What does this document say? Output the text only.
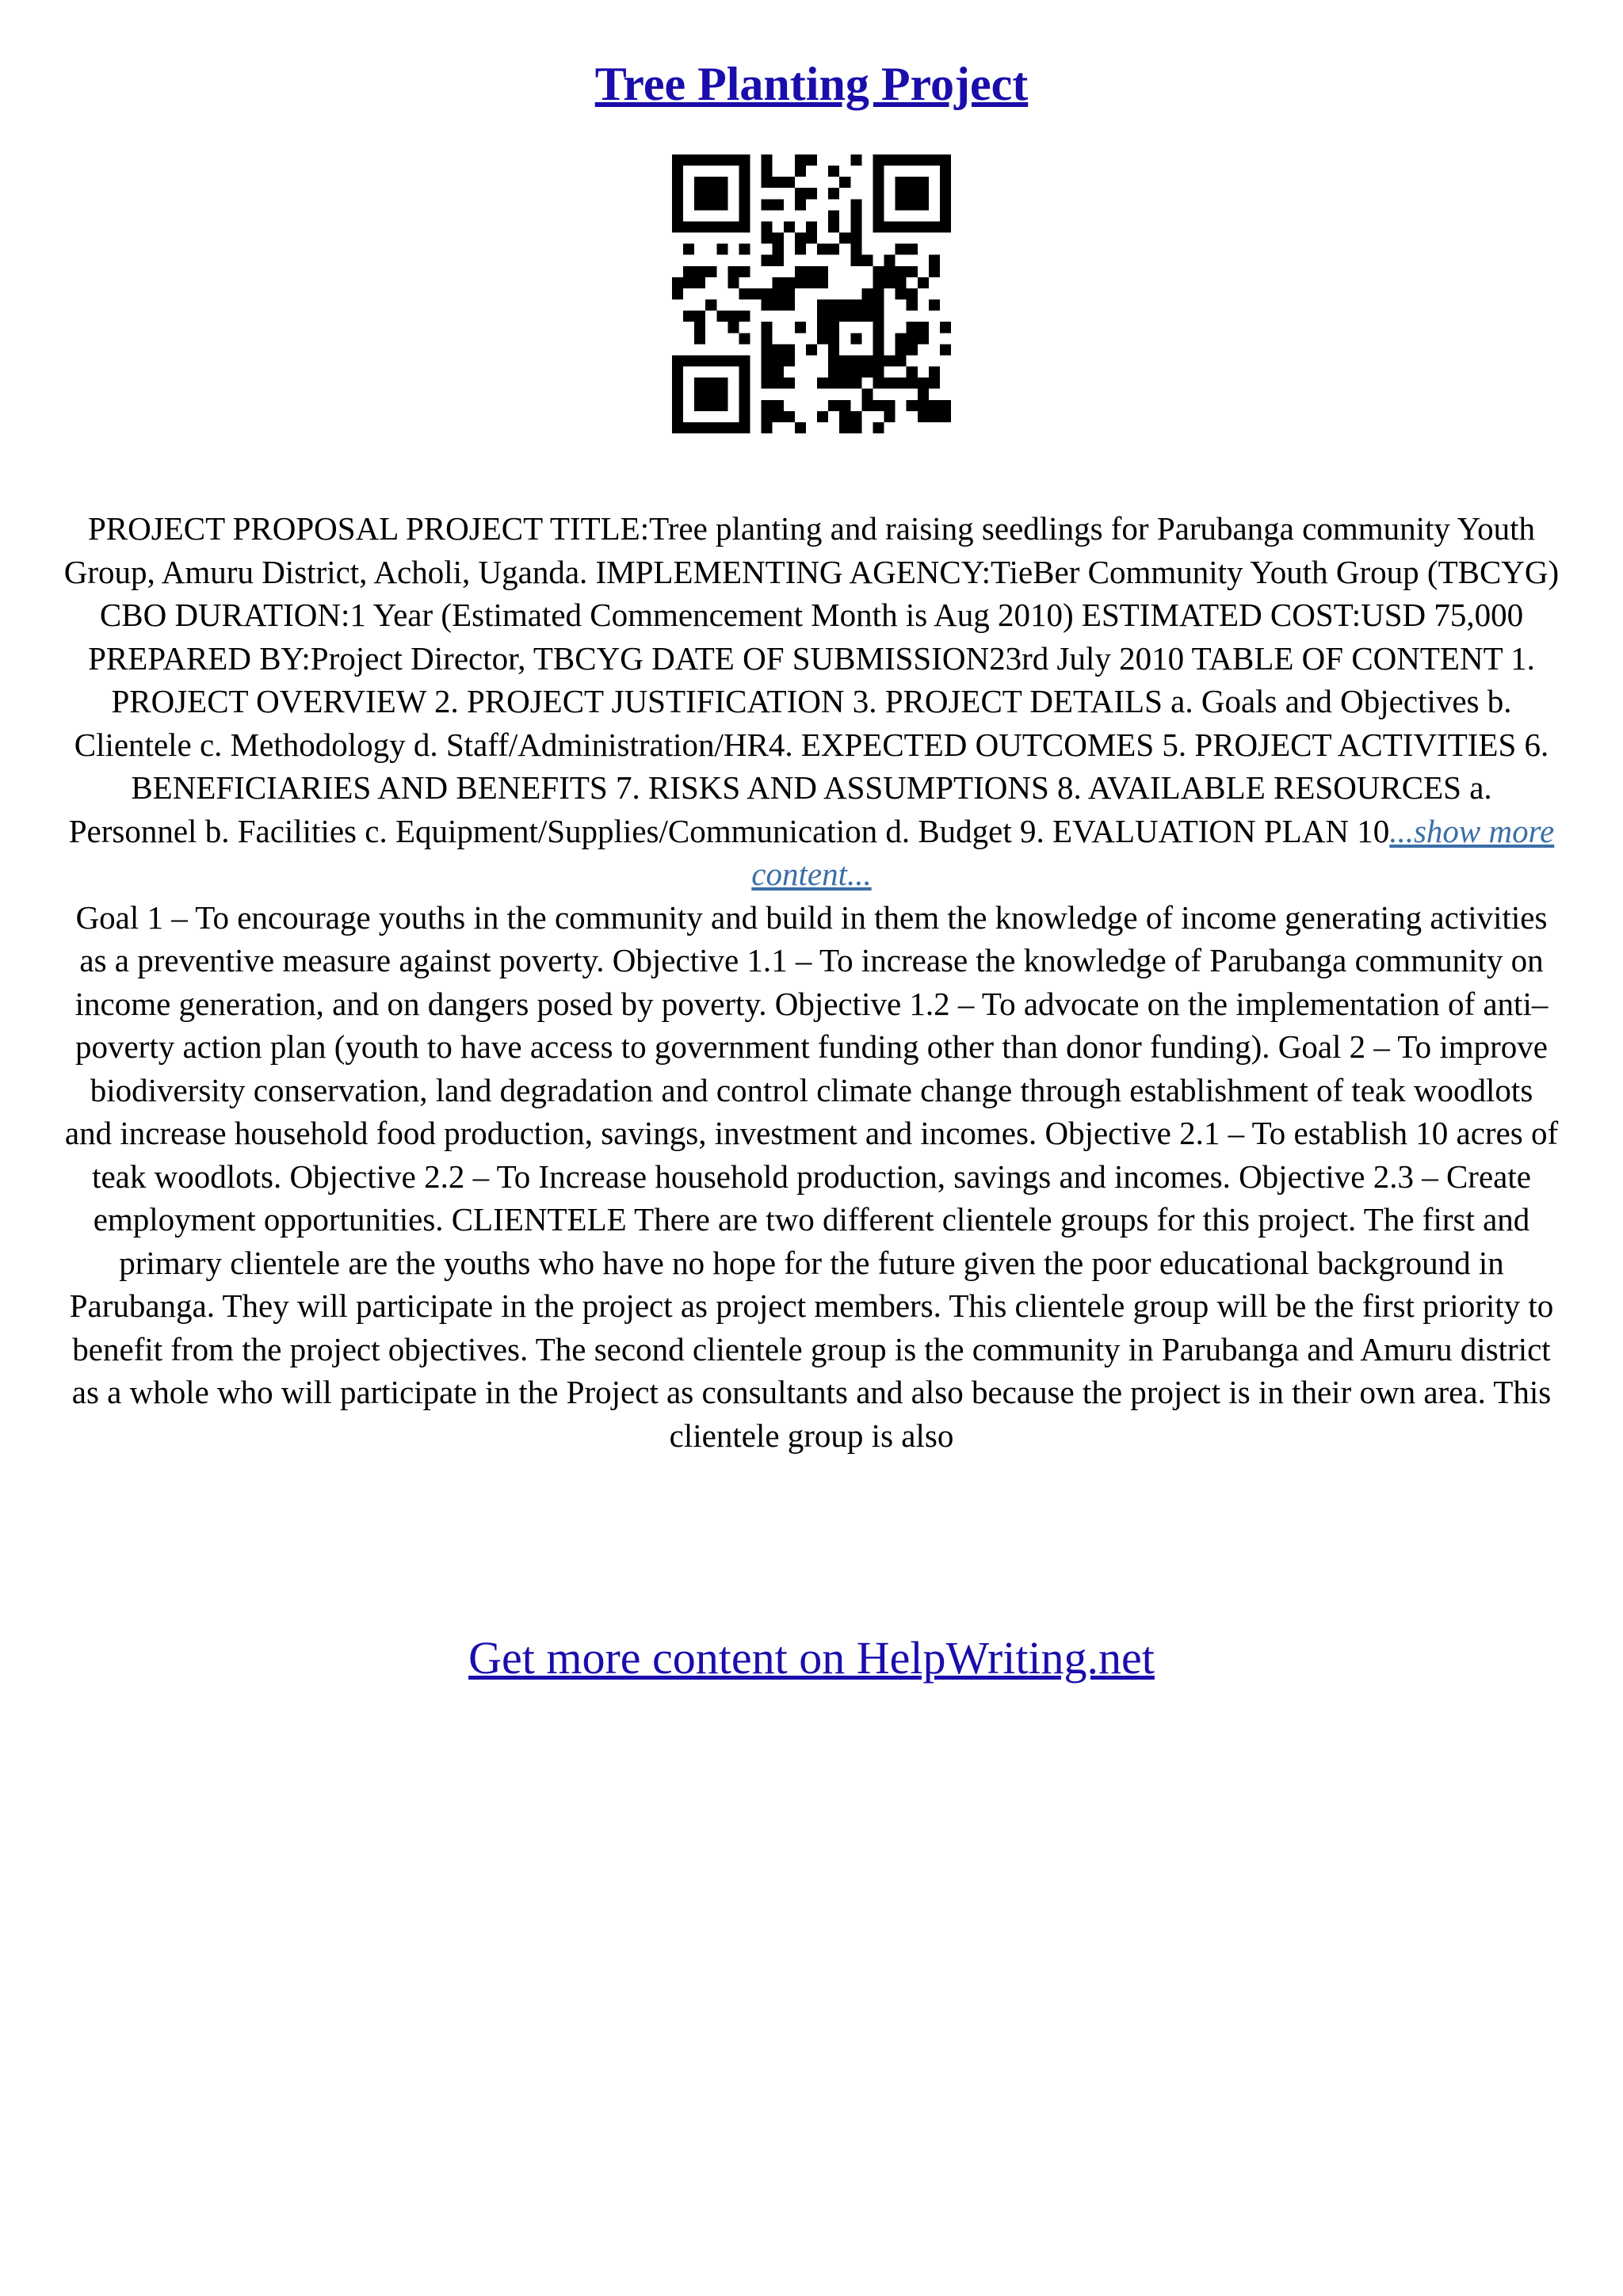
Tree Planting Project
PROJECT PROPOSAL PROJECT TITLE:Tree planting and raising seedlings for Parubanga community Youth Group, Amuru District, Acholi, Uganda. IMPLEMENTING AGENCY:TieBer Community Youth Group (TBCYG) CBO DURATION:1 Year (Estimated Commencement Month is Aug 2010) ESTIMATED COST:USD 75,000 PREPARED BY:Project Director, TBCYG DATE OF SUBMISSION23rd July 2010 TABLE OF CONTENT 1. PROJECT OVERVIEW 2. PROJECT JUSTIFICATION 3. PROJECT DETAILS a. Goals and Objectives b. Clientele c. Methodology d. Staff/Administration/HR4. EXPECTED OUTCOMES 5. PROJECT ACTIVITIES 6. BENEFICIARIES AND BENEFITS 7. RISKS AND ASSUMPTIONS 8. AVAILABLE RESOURCES a. Personnel b. Facilities c. Equipment/Supplies/Communication d. Budget 9. EVALUATION PLAN 10...show more content...
Goal 1 – To encourage youths in the community and build in them the knowledge of income generating activities as a preventive measure against poverty. Objective 1.1 – To increase the knowledge of Parubanga community on income generation, and on dangers posed by poverty. Objective 1.2 – To advocate on the implementation of anti–poverty action plan (youth to have access to government funding other than donor funding). Goal 2 – To improve biodiversity conservation, land degradation and control climate change through establishment of teak woodlots and increase household food production, savings, investment and incomes. Objective 2.1 – To establish 10 acres of teak woodlots. Objective 2.2 – To Increase household production, savings and incomes. Objective 2.3 – Create employment opportunities. CLIENTELE There are two different clientele groups for this project. The first and primary clientele are the youths who have no hope for the future given the poor educational background in Parubanga. They will participate in the project as project members. This clientele group will be the first priority to benefit from the project objectives. The second clientele group is the community in Parubanga and Amuru district as a whole who will participate in the Project as consultants and also because the project is in their own area. This clientele group is also
Get more content on HelpWriting.net
